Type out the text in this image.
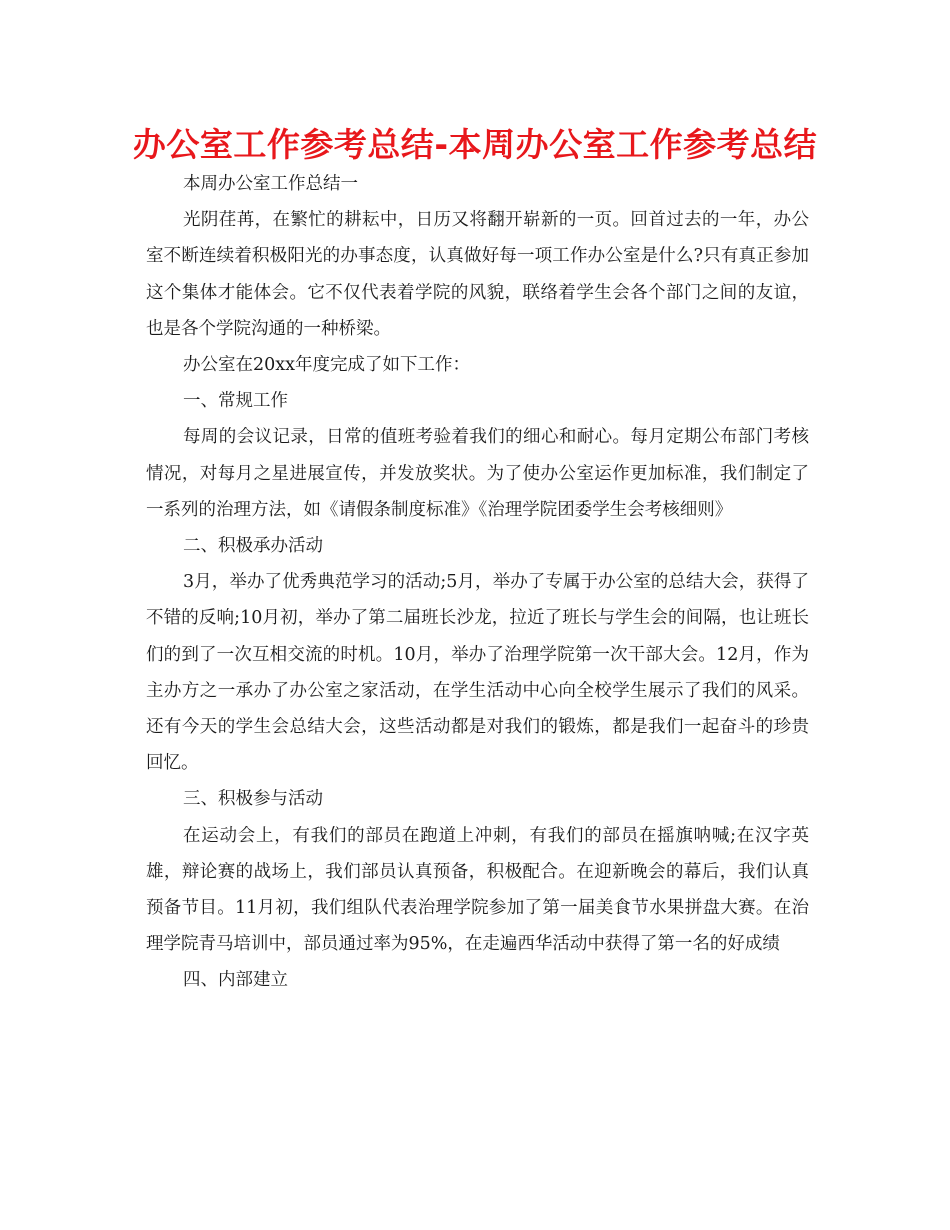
办公室工作参考总结-本周办公室工作参考总结

本周办公室工作总结一

光阴荏苒，在繁忙的耕耘中，日历又将翻开崭新的一页。回首过去的一年，办公室不断连续着积极阳光的办事态度，认真做好每一项工作办公室是什么?只有真正参加这个集体才能体会。它不仅代表着学院的风貌，联络着学生会各个部门之间的友谊，也是各个学院沟通的一种桥梁。

办公室在20xx年度完成了如下工作：

一、常规工作

每周的会议记录，日常的值班考验着我们的细心和耐心。每月定期公布部门考核情况，对每月之星进展宣传，并发放奖状。为了使办公室运作更加标准，我们制定了一系列的治理方法，如《请假条制度标准》《治理学院团委学生会考核细则》

二、积极承办活动

3月，举办了优秀典范学习的活动;5月，举办了专属于办公室的总结大会，获得了不错的反响;10月初，举办了第二届班长沙龙，拉近了班长与学生会的间隔，也让班长们的到了一次互相交流的时机。10月，举办了治理学院第一次干部大会。12月，作为主办方之一承办了办公室之家活动，在学生活动中心向全校学生展示了我们的风采。还有今天的学生会总结大会，这些活动都是对我们的锻炼，都是我们一起奋斗的珍贵回忆。

三、积极参与活动

在运动会上，有我们的部员在跑道上冲刺，有我们的部员在摇旗呐喊;在汉字英雄，辩论赛的战场上，我们部员认真预备，积极配合。在迎新晚会的幕后，我们认真预备节目。11月初，我们组队代表治理学院参加了第一届美食节水果拼盘大赛。在治理学院青马培训中，部员通过率为95%，在走遍西华活动中获得了第一名的好成绩

四、内部建立
